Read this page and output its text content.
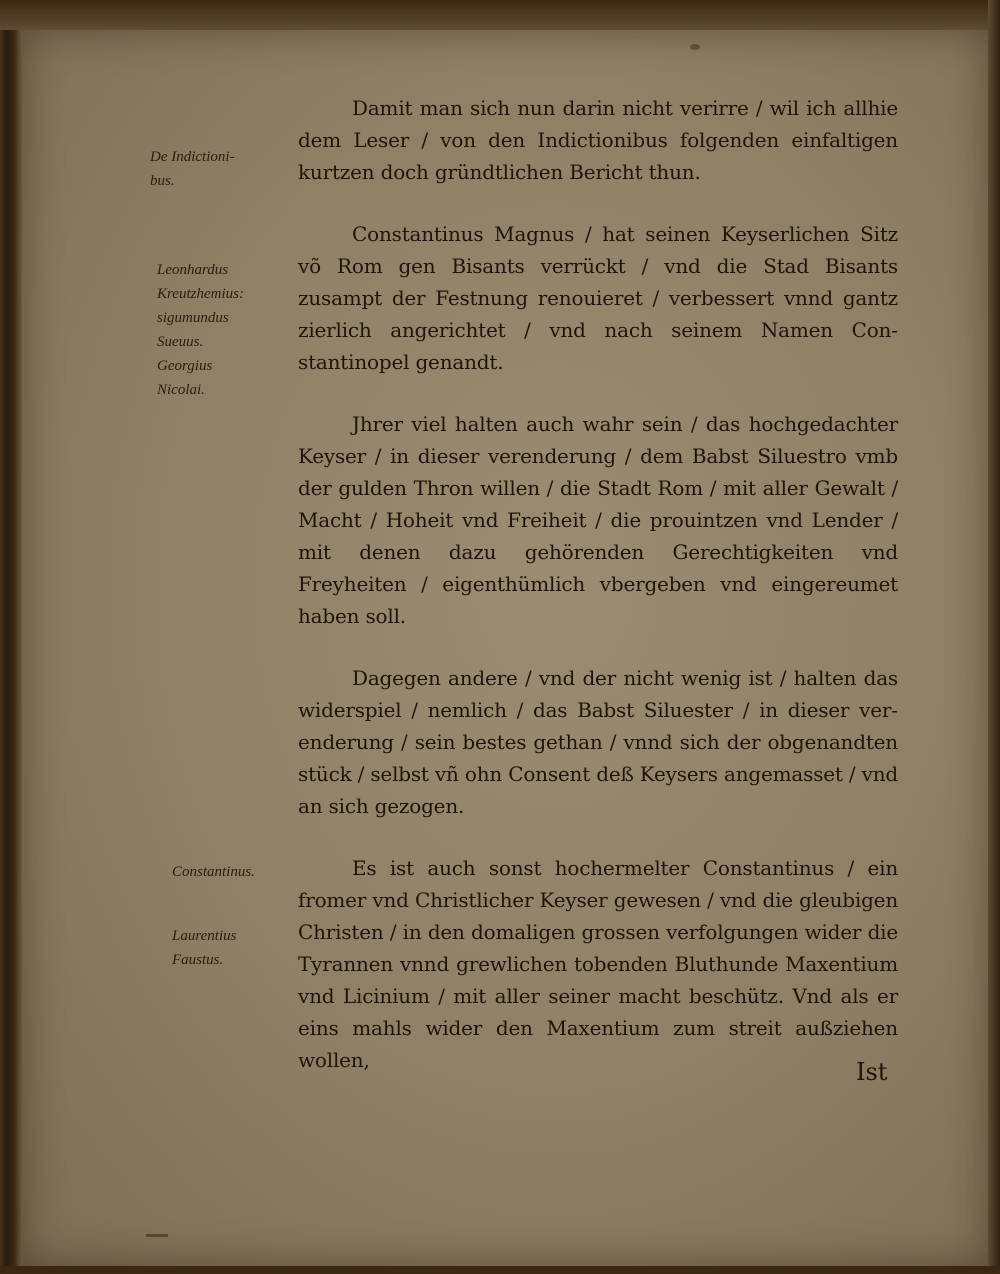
De Indictioni-
bus.
Leonhardus
Kreutzhemius:
sigumundus
Sueuus.
Georgius
Nicolai.
Constantinus.
Laurentius
Faustus.

Damit man sich nun darin nicht verirre / wil ich allhie dem Leser / von den Indictionibus folgenden einfaltigen kurtzen doch gründtlichen Bericht thun.

Constantinus Magnus / hat seinen Keyserlichen Sitz võ Rom gen Bisants verrückt / vnd die Stad Bisants zusampt der Festnung renouieret / verbessert vnnd gantz zierlich angerichtet / vnd nach seinem Namen Constantinopel genandt.

Jhrer viel halten auch wahr sein / das hochgedachter Keyser / in dieser verenderung / dem Babst Siluestro vmb der gulden Thron willen / die Stadt Rom / mit aller Gewalt / Macht / Hoheit vnd Freiheit / die prouintzen vnd Lender / mit denen dazu gehörenden Gerechtigkeiten vnd Freyheiten / eigenthümlich vbergeben vnd eingereumet haben soll.

Dagegen andere / vnd der nicht wenig ist / halten das widerspiel / nemlich / das Babst Siluester / in dieser verenderung / sein bestes gethan / vnnd sich der obgenandten stück / selbst vñ ohn Consent deß Keysers angemasset / vnd an sich gezogen.

Es ist auch sonst hochermelter Constantinus / ein fromer vnd Christlicher Keyser gewesen / vnd die gleubigen Christen / in den domaligen grossen verfolgungen wider die Tyrannen vnnd grewlichen tobenden Bluthunde Maxentium vnd Licinium / mit aller seiner macht beschütz. Vnd als er eins mahls wider den Maxentium zum streit außziehen wollen,	Ist
